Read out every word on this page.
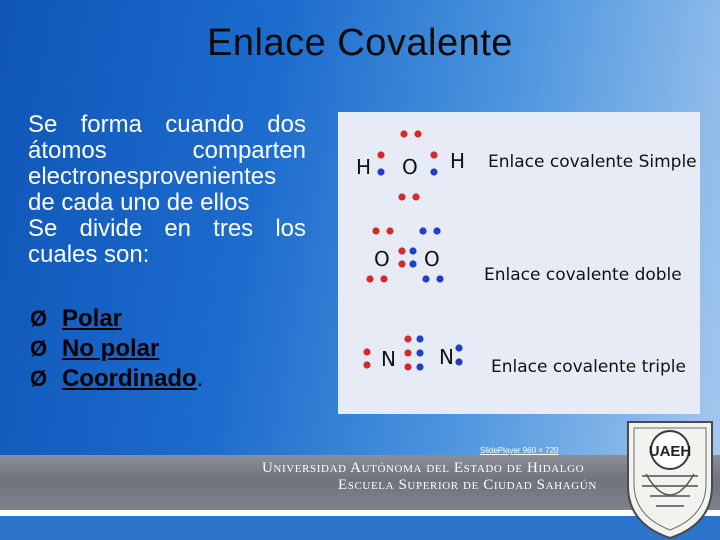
Enlace Covalente

Se forma cuando dos átomos comparten electronesprovenientes de cada uno de ellos

Se divide en tres los cuales son:

Ø Polar
Ø No polar
Ø Coordinado .
H O H Enlace covalente Simple
O O
Enlace covalente doble
N N Enlace covalente triple
SlidePlayer 960 × 720
Universidad Autónoma del Estado de Hidalgo
Escuela Superior de Ciudad Sahagún
UAEH
